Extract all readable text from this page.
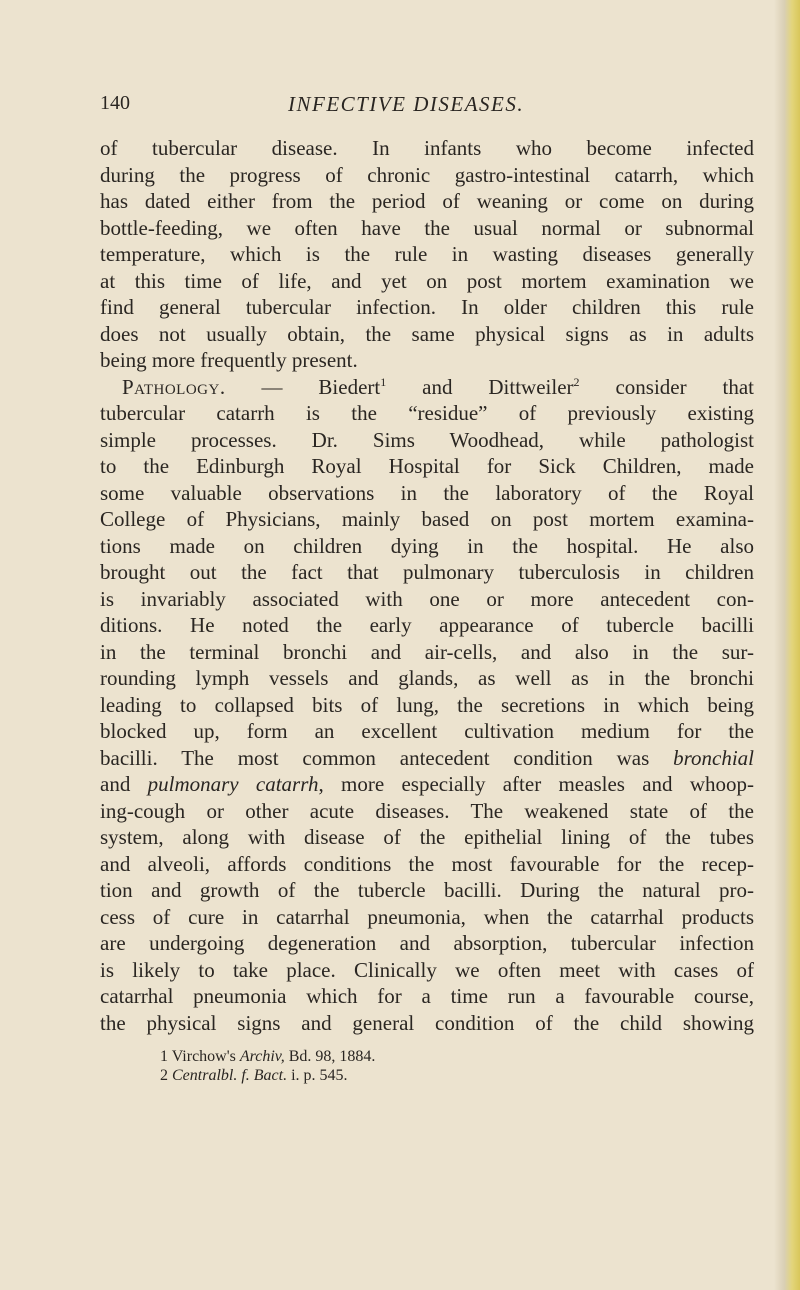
140	INFECTIVE DISEASES.
of tubercular disease. In infants who become infected
during the progress of chronic gastro-intestinal catarrh, which
has dated either from the period of weaning or come on during
bottle-feeding, we often have the usual normal or subnormal
temperature, which is the rule in wasting diseases generally
at this time of life, and yet on post mortem examination we
find general tubercular infection. In older children this rule
does not usually obtain, the same physical signs as in adults
being more frequently present.
Pathology. — Biedert$^1$ and Dittweiler$^2$ consider that
tubercular catarrh is the “residue” of previously existing
simple processes. Dr. Sims Woodhead, while pathologist
to the Edinburgh Royal Hospital for Sick Children, made
some valuable observations in the laboratory of the Royal
College of Physicians, mainly based on post mortem examina-
tions made on children dying in the hospital. He also
brought out the fact that pulmonary tuberculosis in children
is invariably associated with one or more antecedent con-
ditions. He noted the early appearance of tubercle bacilli
in the terminal bronchi and air-cells, and also in the sur-
rounding lymph vessels and glands, as well as in the bronchi
leading to collapsed bits of lung, the secretions in which being
blocked up, form an excellent cultivation medium for the
bacilli. The most common antecedent condition was bronchial
and pulmonary catarrh, more especially after measles and whoop-
ing-cough or other acute diseases. The weakened state of the
system, along with disease of the epithelial lining of the tubes
and alveoli, affords conditions the most favourable for the recep-
tion and growth of the tubercle bacilli. During the natural pro-
cess of cure in catarrhal pneumonia, when the catarrhal products
are undergoing degeneration and absorption, tubercular infection
is likely to take place. Clinically we often meet with cases of
catarrhal pneumonia which for a time run a favourable course,
the physical signs and general condition of the child showing
1 Virchow's Archiv, Bd. 98, 1884.
2 Centralbl. f. Bact. i. p. 545.
